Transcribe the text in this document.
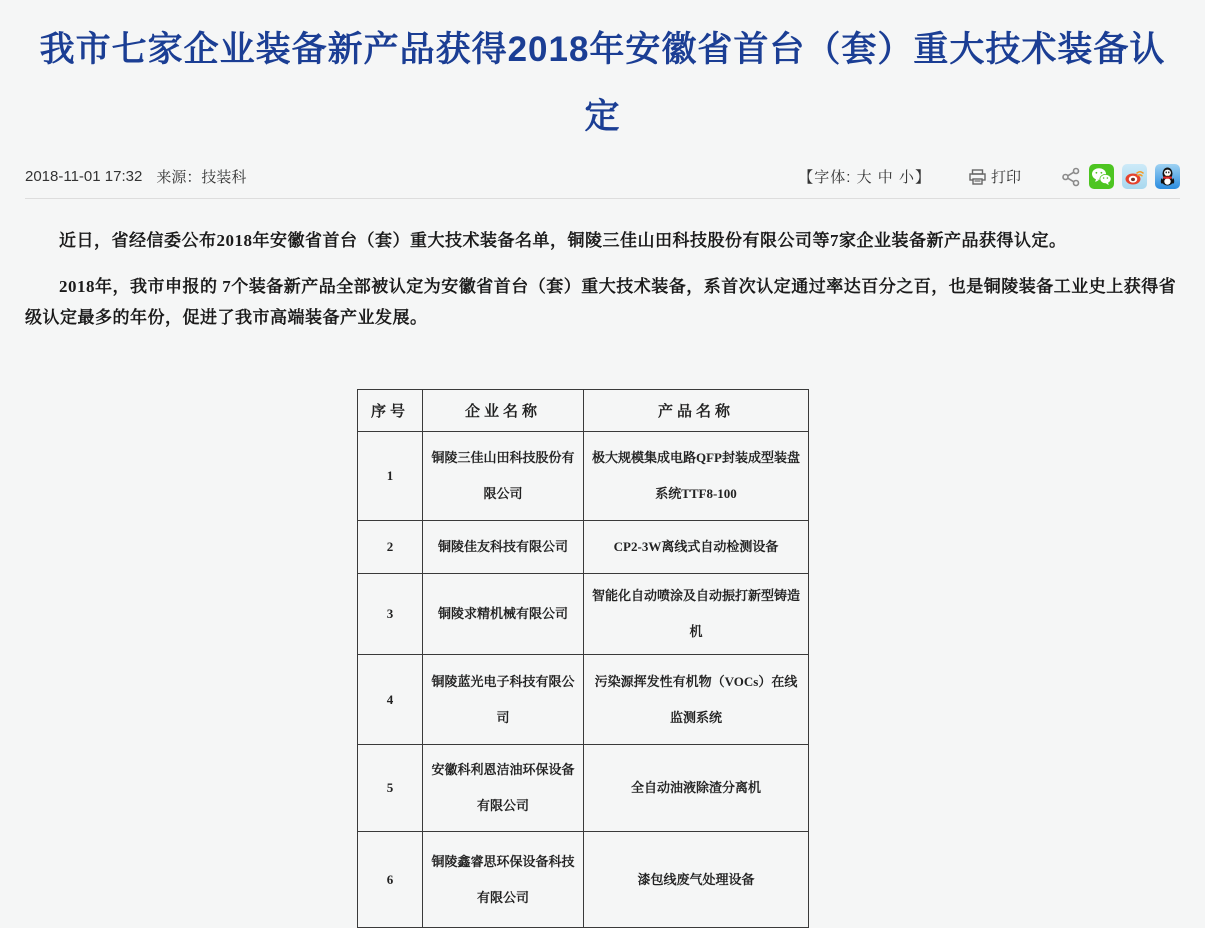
我市七家企业装备新产品获得2018年安徽省首台（套）重大技术装备认定
2018-11-01 17:32 来源：技装科	【字体: 大 中 小】	打印

近日，省经信委公布2018年安徽省首台（套）重大技术装备名单，铜陵三佳山田科技股份有限公司等7家企业装备新产品获得认定。

2018年，我市申报的 7个装备新产品全部被认定为安徽省首台（套）重大技术装备，系首次认定通过率达百分之百，也是铜陵装备工业史上获得省级认定最多的年份，促进了我市高端装备产业发展。

序号	企业名称	产品名称
1	铜陵三佳山田科技股份有限公司	极大规模集成电路QFP封装成型装盘系统TTF8-100
2	铜陵佳友科技有限公司	CP2-3W离线式自动检测设备
3	铜陵求精机械有限公司	智能化自动喷涂及自动振打新型铸造机
4	铜陵蓝光电子科技有限公司	污染源挥发性有机物（VOCs）在线监测系统
5	安徽科利恩洁油环保设备有限公司	全自动油液除渣分离机
6	铜陵鑫睿思环保设备科技有限公司	漆包线废气处理设备
